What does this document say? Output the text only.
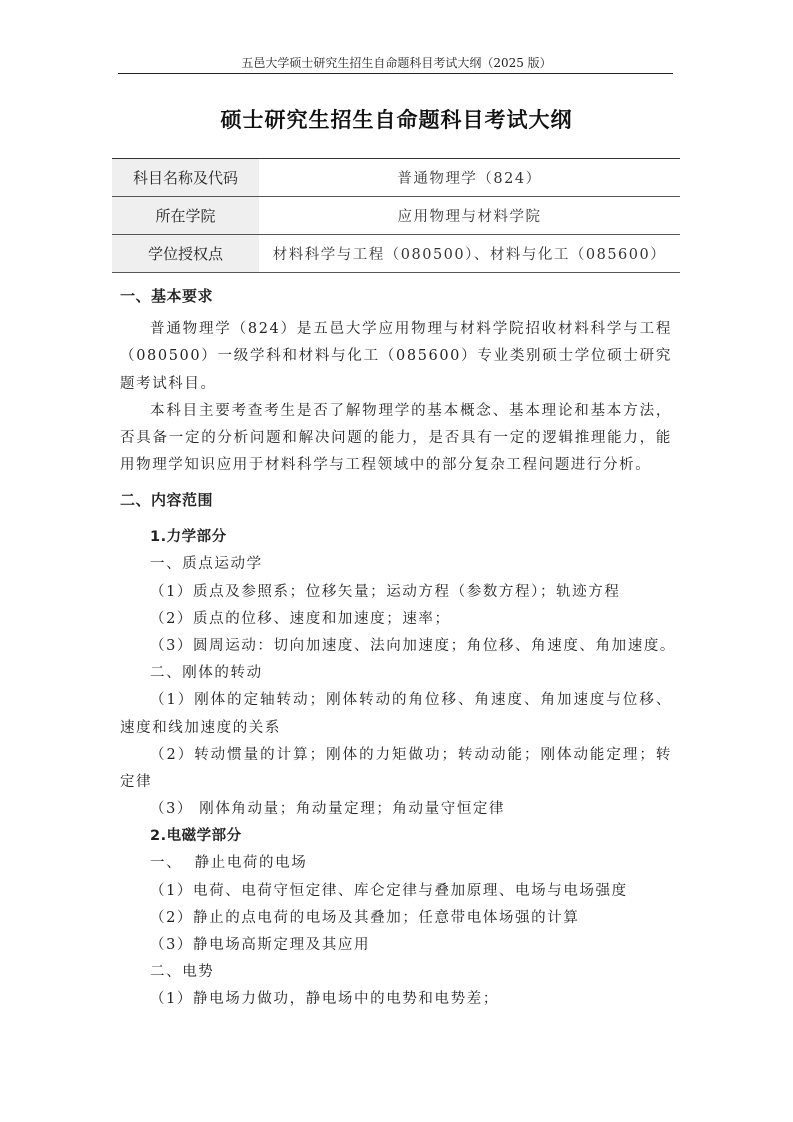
五邑大学硕士研究生招生自命题科目考试大纲（2025 版）
硕士研究生招生自命题科目考试大纲
科目名称及代码	普通物理学（824）
所在学院	应用物理与材料学院
学位授权点	材料科学与工程（080500）、材料与化工（085600）
一、基本要求
普通物理学（824）是五邑大学应用物理与材料学院招收材料科学与工程
（080500）一级学科和材料与化工（085600）专业类别硕士学位硕士研究
题考试科目。
本科目主要考查考生是否了解物理学的基本概念、基本理论和基本方法，
否具备一定的分析问题和解决问题的能力，是否具有一定的逻辑推理能力，能
用物理学知识应用于材料科学与工程领域中的部分复杂工程问题进行分析。
二、内容范围
1.力学部分
一、质点运动学
（1）质点及参照系；位移矢量；运动方程（参数方程）；轨迹方程
（2）质点的位移、速度和加速度；速率；
（3）圆周运动：切向加速度、法向加速度；角位移、角速度、角加速度。
二、刚体的转动
（1）刚体的定轴转动；刚体转动的角位移、角速度、角加速度与位移、
速度和线加速度的关系
（2）转动惯量的计算；刚体的力矩做功；转动动能；刚体动能定理；转
定律
（3） 刚体角动量；角动量定理；角动量守恒定律
2.电磁学部分
一、  静止电荷的电场
（1）电荷、电荷守恒定律、库仑定律与叠加原理、电场与电场强度
（2）静止的点电荷的电场及其叠加；任意带电体场强的计算
（3）静电场高斯定理及其应用
二、电势
（1）静电场力做功，静电场中的电势和电势差；
